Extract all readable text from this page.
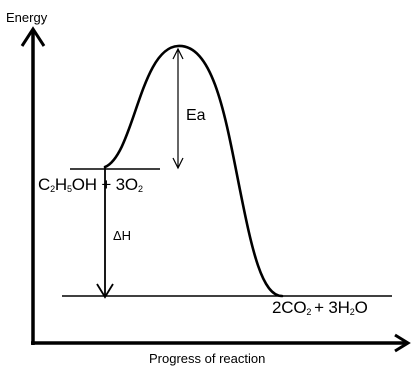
Energy
Progress of reaction
$C_2H_5OH + 3O_2$
$2CO_2 + 3H_2O$
Ea
ΔH
